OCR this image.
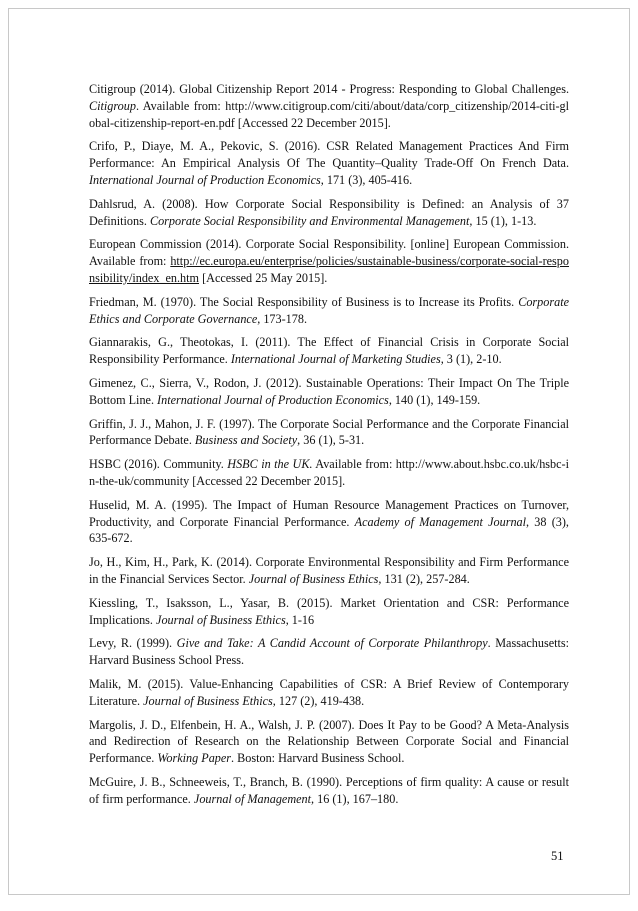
Citigroup (2014). Global Citizenship Report 2014 - Progress: Responding to Global Challenges. Citigroup. Available from: http://www.citigroup.com/citi/about/data/corp_citizenship/2014-citi-global-citizenship-report-en.pdf [Accessed 22 December 2015].

Crifo, P., Diaye, M. A., Pekovic, S. (2016). CSR Related Management Practices And Firm Performance: An Empirical Analysis Of The Quantity–Quality Trade-Off On French Data. International Journal of Production Economics, 171 (3), 405-416.

Dahlsrud, A. (2008). How Corporate Social Responsibility is Defined: an Analysis of 37 Definitions. Corporate Social Responsibility and Environmental Management, 15 (1), 1-13.

European Commission (2014). Corporate Social Responsibility. [online] European Commission. Available from: http://ec.europa.eu/enterprise/policies/sustainable-business/corporate-social-responsibility/index_en.htm [Accessed 25 May 2015].

Friedman, M. (1970). The Social Responsibility of Business is to Increase its Profits. Corporate Ethics and Corporate Governance, 173-178.

Giannarakis, G., Theotokas, I. (2011). The Effect of Financial Crisis in Corporate Social Responsibility Performance. International Journal of Marketing Studies, 3 (1), 2-10.

Gimenez, C., Sierra, V., Rodon, J. (2012). Sustainable Operations: Their Impact On The Triple Bottom Line. International Journal of Production Economics, 140 (1), 149-159.

Griffin, J. J., Mahon, J. F. (1997). The Corporate Social Performance and the Corporate Financial Performance Debate. Business and Society, 36 (1), 5-31.

HSBC (2016). Community. HSBC in the UK. Available from: http://www.about.hsbc.co.uk/hsbc-in-the-uk/community [Accessed 22 December 2015].

Huselid, M. A. (1995). The Impact of Human Resource Management Practices on Turnover, Productivity, and Corporate Financial Performance. Academy of Management Journal, 38 (3), 635-672.

Jo, H., Kim, H., Park, K. (2014). Corporate Environmental Responsibility and Firm Performance in the Financial Services Sector. Journal of Business Ethics, 131 (2), 257-284.

Kiessling, T., Isaksson, L., Yasar, B. (2015). Market Orientation and CSR: Performance Implications. Journal of Business Ethics, 1-16

Levy, R. (1999). Give and Take: A Candid Account of Corporate Philanthropy. Massachusetts: Harvard Business School Press.

Malik, M. (2015). Value-Enhancing Capabilities of CSR: A Brief Review of Contemporary Literature. Journal of Business Ethics, 127 (2), 419-438.

Margolis, J. D., Elfenbein, H. A., Walsh, J. P. (2007). Does It Pay to be Good? A Meta-Analysis and Redirection of Research on the Relationship Between Corporate Social and Financial Performance. Working Paper. Boston: Harvard Business School.

McGuire, J. B., Schneeweis, T., Branch, B. (1990). Perceptions of firm quality: A cause or result of firm performance. Journal of Management, 16 (1), 167–180.

51
